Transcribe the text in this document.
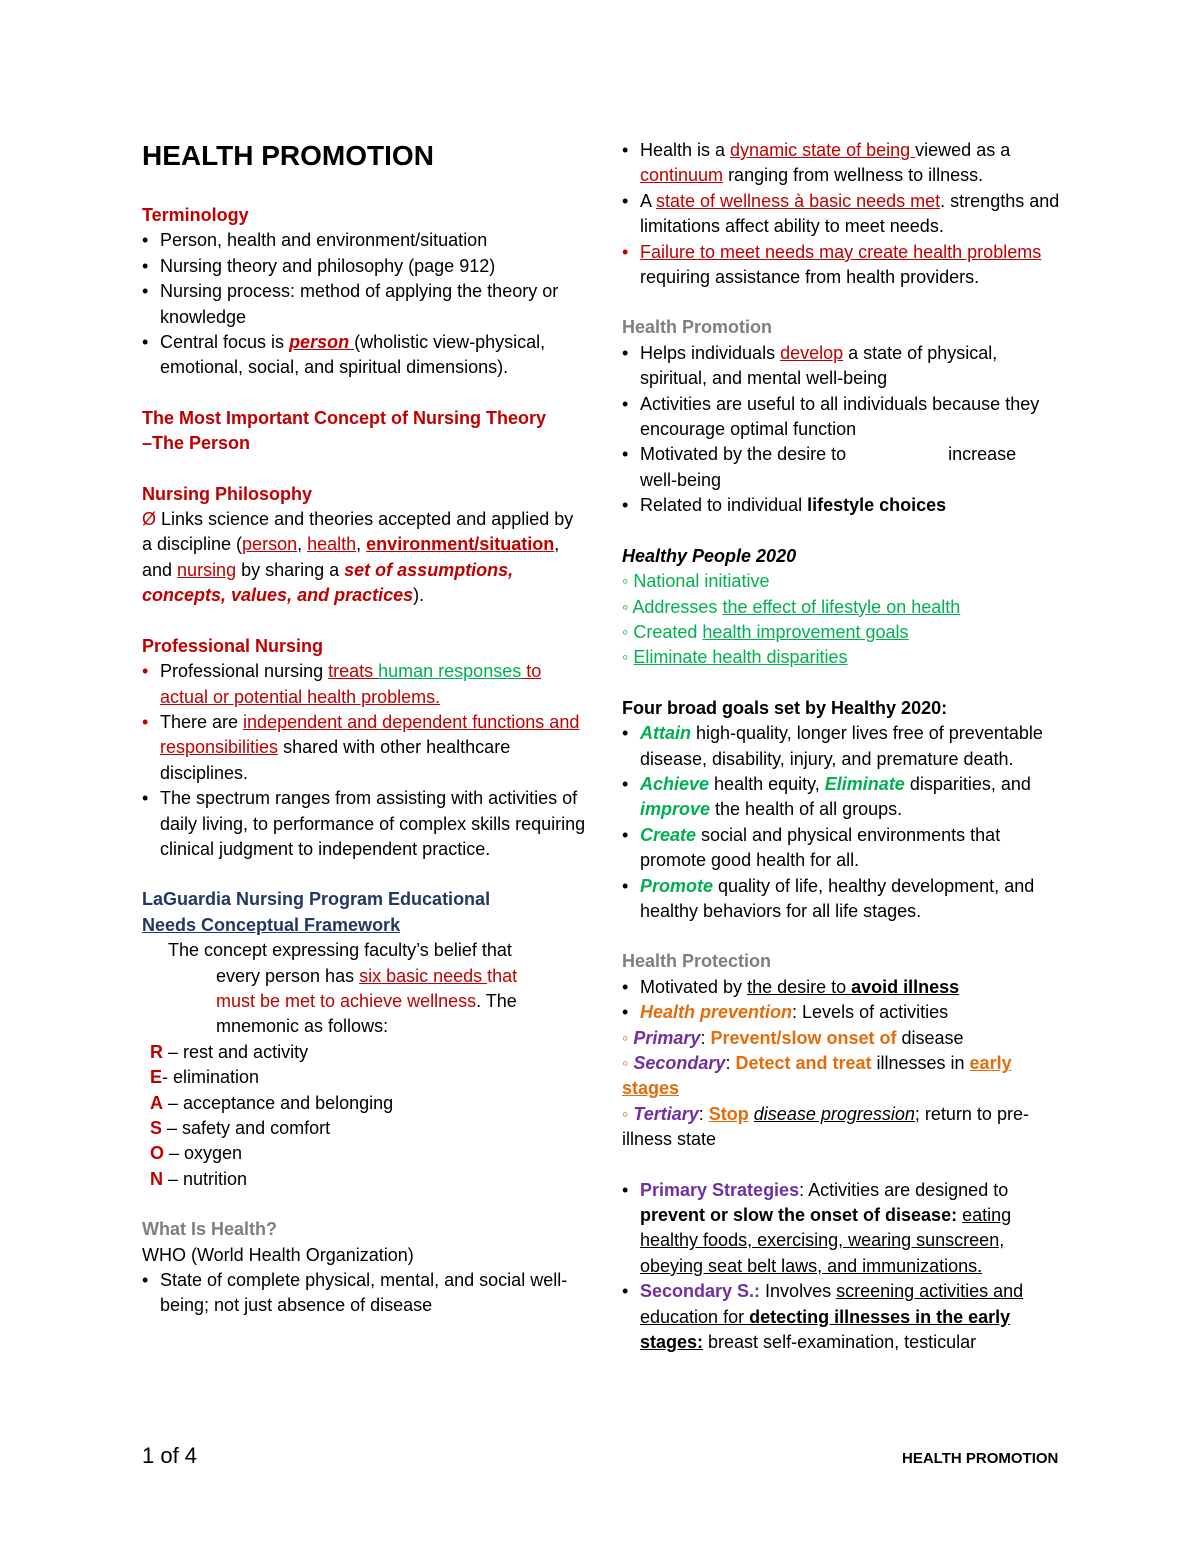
HEALTH PROMOTION
Terminology
• Person, health and environment/situation
• Nursing theory and philosophy (page 912)
• Nursing process: method of applying the theory or knowledge
• Central focus is person (wholistic view-physical, emotional, social, and spiritual dimensions).
The Most Important Concept of Nursing Theory
–The Person
Nursing Philosophy
Ø Links science and theories accepted and applied by a discipline (person, health, environment/situation, and nursing by sharing a set of assumptions, concepts, values, and practices).
Professional Nursing
• Professional nursing treats human responses to actual or potential health problems.
• There are independent and dependent functions and responsibilities shared with other healthcare disciplines.
• The spectrum ranges from assisting with activities of daily living, to performance of complex skills requiring clinical judgment to independent practice.
LaGuardia Nursing Program Educational
Needs Conceptual Framework
The concept expressing faculty’s belief that
every person has six basic needs that
must be met to achieve wellness. The
mnemonic as follows:
R – rest and activity
E- elimination
A – acceptance and belonging
S – safety and comfort
O – oxygen
N – nutrition
What Is Health?
WHO (World Health Organization)
• State of complete physical, mental, and social well-being; not just absence of disease
• Health is a dynamic state of being viewed as a continuum ranging from wellness to illness.
• A state of wellness à basic needs met. strengths and limitations affect ability to meet needs.
• Failure to meet needs may create health problems requiring assistance from health providers.
Health Promotion
• Helps individuals develop a state of physical, spiritual, and mental well-being
• Activities are useful to all individuals because they encourage optimal function
• Motivated by the desire to	increase
well-being
• Related to individual lifestyle choices
Healthy People 2020
◦ National initiative
◦ Addresses the effect of lifestyle on health
◦ Created health improvement goals
◦ Eliminate health disparities
Four broad goals set by Healthy 2020:
• Attain high-quality, longer lives free of preventable disease, disability, injury, and premature death.
• Achieve health equity, Eliminate disparities, and improve the health of all groups.
• Create social and physical environments that promote good health for all.
• Promote quality of life, healthy development, and healthy behaviors for all life stages.
Health Protection
• Motivated by the desire to avoid illness
• Health prevention: Levels of activities
◦ Primary: Prevent/slow onset of disease
◦ Secondary: Detect and treat illnesses in early stages
◦ Tertiary: Stop disease progression; return to pre-illness state
• Primary Strategies: Activities are designed to prevent or slow the onset of disease: eating healthy foods, exercising, wearing sunscreen, obeying seat belt laws, and immunizations.
• Secondary S.: Involves screening activities and education for detecting illnesses in the early stages: breast self-examination, testicular
1 of 4	HEALTH PROMOTION
